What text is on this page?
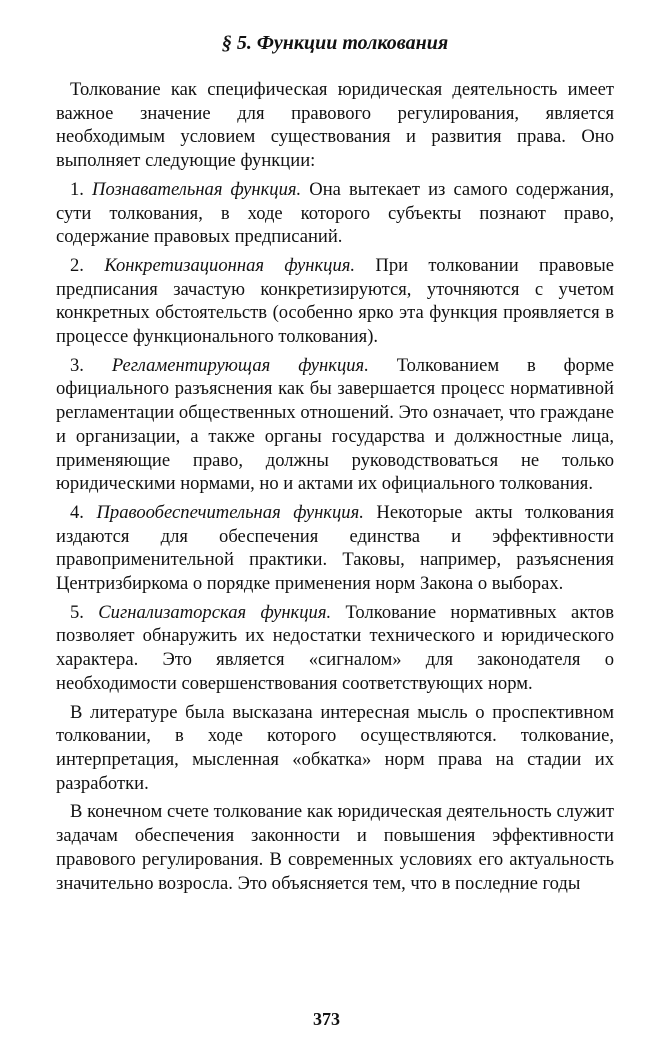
§ 5. Функции толкования

Толкование как специфическая юридическая деятельность имеет важное значение для правового регулирования, является необходимым условием существования и развития права. Оно выполняет следующие функции:

1. Познавательная функция. Она вытекает из самого содержания, сути толкования, в ходе которого субъекты познают право, содержание правовых предписаний.

2. Конкретизационная функция. При толковании правовые предписания зачастую конкретизируются, уточняются с учетом конкретных обстоятельств (особенно ярко эта функция проявляется в процессе функционального толкования).

3. Регламентирующая функция. Толкованием в форме официального разъяснения как бы завершается процесс нормативной регламентации общественных отношений. Это означает, что граждане и организации, а также органы государства и должностные лица, применяющие право, должны руководствоваться не только юридическими нормами, но и актами их официального толкования.

4. Правообеспечительная функция. Некоторые акты толкования издаются для обеспечения единства и эффективности правоприменительной практики. Таковы, например, разъяснения Центризбиркома о порядке применения норм Закона о выборах.

5. Сигнализаторская функция. Толкование нормативных актов позволяет обнаружить их недостатки технического и юридического характера. Это является «сигналом» для законодателя о необходимости совершенствования соответствующих норм.

В литературе была высказана интересная мысль о проспективном толковании, в ходе которого осуществляются. толкование, интерпретация, мысленная «обкатка» норм права на стадии их разработки.

В конечном счете толкование как юридическая деятельность служит задачам обеспечения законности и повышения эффективности правового регулирования. В современных условиях его актуальность значительно возросла. Это объясняется тем, что в последние годы

373
